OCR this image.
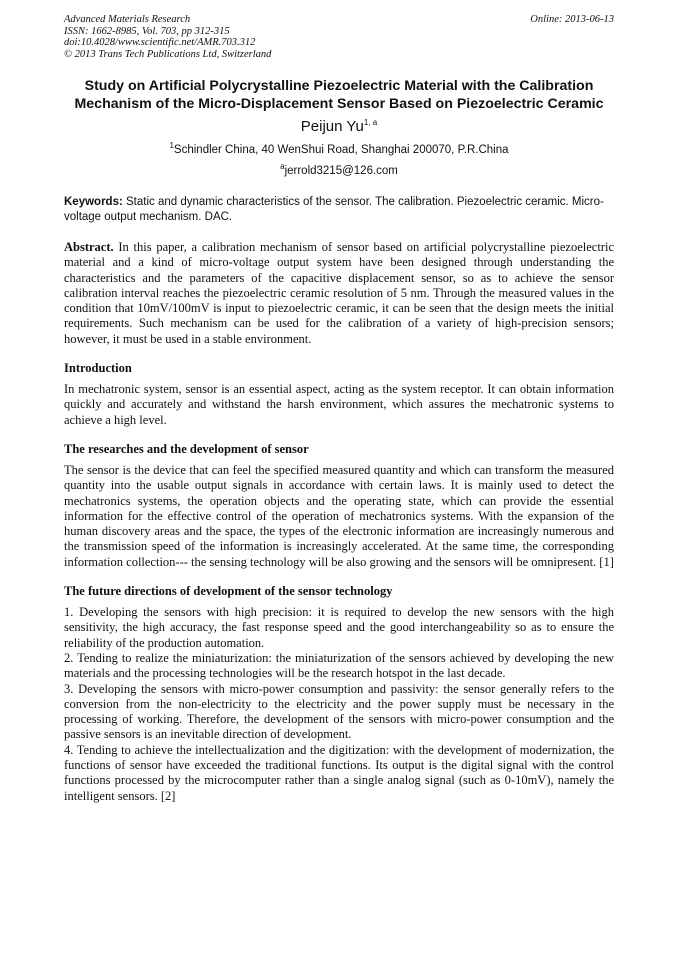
Advanced Materials Research
ISSN: 1662-8985, Vol. 703, pp 312-315
doi:10.4028/www.scientific.net/AMR.703.312
© 2013 Trans Tech Publications Ltd, Switzerland
Online: 2013-06-13
Study on Artificial Polycrystalline Piezoelectric Material with the Calibration Mechanism of the Micro-Displacement Sensor Based on Piezoelectric Ceramic
Peijun Yu$^{1, a}$
$^1$Schindler China, 40 WenShui Road, Shanghai 200070, P.R.China
$^a$jerrold3215@126.com
Keywords: Static and dynamic characteristics of the sensor. The calibration. Piezoelectric ceramic. Micro-voltage output mechanism. DAC.
Abstract. In this paper, a calibration mechanism of sensor based on artificial polycrystalline piezoelectric material and a kind of micro-voltage output system have been designed through understanding the characteristics and the parameters of the capacitive displacement sensor, so as to achieve the sensor calibration interval reaches the piezoelectric ceramic resolution of 5 nm. Through the measured values in the condition that 10mV/100mV is input to piezoelectric ceramic, it can be seen that the design meets the initial requirements. Such mechanism can be used for the calibration of a variety of high-precision sensors; however, it must be used in a stable environment.
Introduction
In mechatronic system, sensor is an essential aspect, acting as the system receptor. It can obtain information quickly and accurately and withstand the harsh environment, which assures the mechatronic systems to achieve a high level.
The researches and the development of sensor
The sensor is the device that can feel the specified measured quantity and which can transform the measured quantity into the usable output signals in accordance with certain laws. It is mainly used to detect the mechatronics systems, the operation objects and the operating state, which can provide the essential information for the effective control of the operation of mechatronics systems. With the expansion of the human discovery areas and the space, the types of the electronic information are increasingly numerous and the transmission speed of the information is increasingly accelerated. At the same time, the corresponding information collection--- the sensing technology will be also growing and the sensors will be omnipresent. [1]
The future directions of development of the sensor technology

1. Developing the sensors with high precision: it is required to develop the new sensors with the high sensitivity, the high accuracy, the fast response speed and the good interchangeability so as to ensure the reliability of the production automation.

2. Tending to realize the miniaturization: the miniaturization of the sensors achieved by developing the new materials and the processing technologies will be the research hotspot in the last decade.

3. Developing the sensors with micro-power consumption and passivity: the sensor generally refers to the conversion from the non-electricity to the electricity and the power supply must be necessary in the processing of working. Therefore, the development of the sensors with micro-power consumption and the passive sensors is an inevitable direction of development.

4. Tending to achieve the intellectualization and the digitization: with the development of modernization, the functions of sensor have exceeded the traditional functions. Its output is the digital signal with the control functions processed by the microcomputer rather than a single analog signal (such as 0-10mV), namely the intelligent sensors. [2]
